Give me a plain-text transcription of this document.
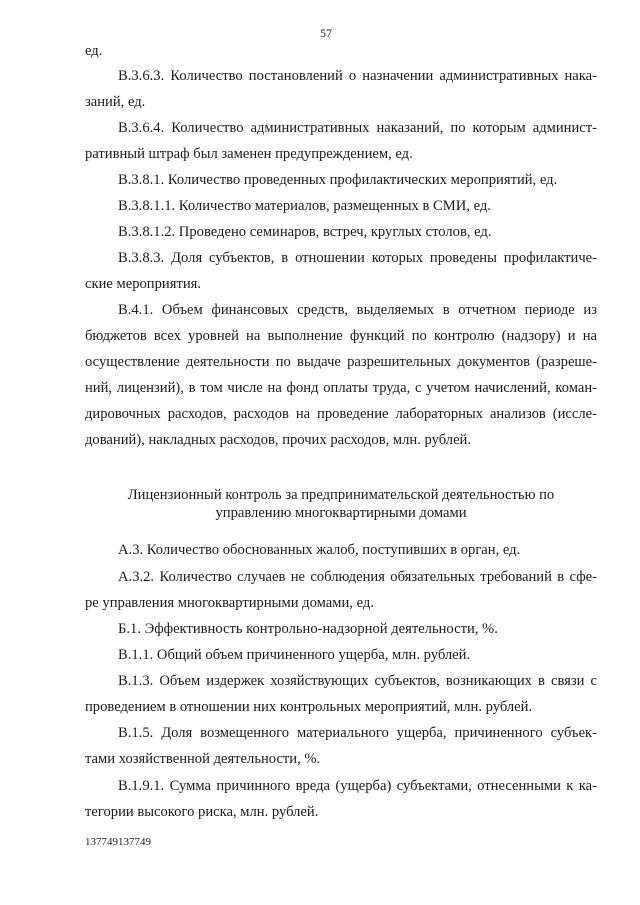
57
ед.
В.3.6.3. Количество постановлений о назначении административных нака-
заний, ед.
В.3.6.4. Количество административных наказаний, по которым админист-
ративный штраф был заменен предупреждением, ед.
В.3.8.1. Количество проведенных профилактических мероприятий, ед.
В.3.8.1.1. Количество материалов, размещенных в СМИ, ед.
В.3.8.1.2. Проведено семинаров, встреч, круглых столов, ед.
В.3.8.3. Доля субъектов, в отношении которых проведены профилактиче-
ские мероприятия.
В.4.1. Объем финансовых средств, выделяемых в отчетном периоде из
бюджетов всех уровней на выполнение функций по контролю (надзору) и на
осуществление деятельности по выдаче разрешительных документов (разреше-
ний, лицензий), в том числе на фонд оплаты труда, с учетом начислений, коман-
дировочных расходов, расходов на проведение лабораторных анализов (иссле-
дований), накладных расходов, прочих расходов, млн. рублей.
Лицензионный контроль за предпринимательской деятельностью по
управлению многоквартирными домами
А.3. Количество обоснованных жалоб, поступивших в орган, ед.
А.3.2. Количество случаев не соблюдения обязательных требований в сфе-
ре управления многоквартирными домами, ед.
Б.1. Эффективность контрольно-надзорной деятельности, %.
В.1.1. Общий объем причиненного ущерба, млн. рублей.
В.1.3. Объем издержек хозяйствующих субъектов, возникающих в связи с
проведением в отношении них контрольных мероприятий, млн. рублей.
В.1.5. Доля возмещенного материального ущерба, причиненного субъек-
тами хозяйственной деятельности, %.
В.1.9.1. Сумма причинного вреда (ущерба) субъектами, отнесенными к ка-
тегории высокого риска, млн. рублей.
137749137749
